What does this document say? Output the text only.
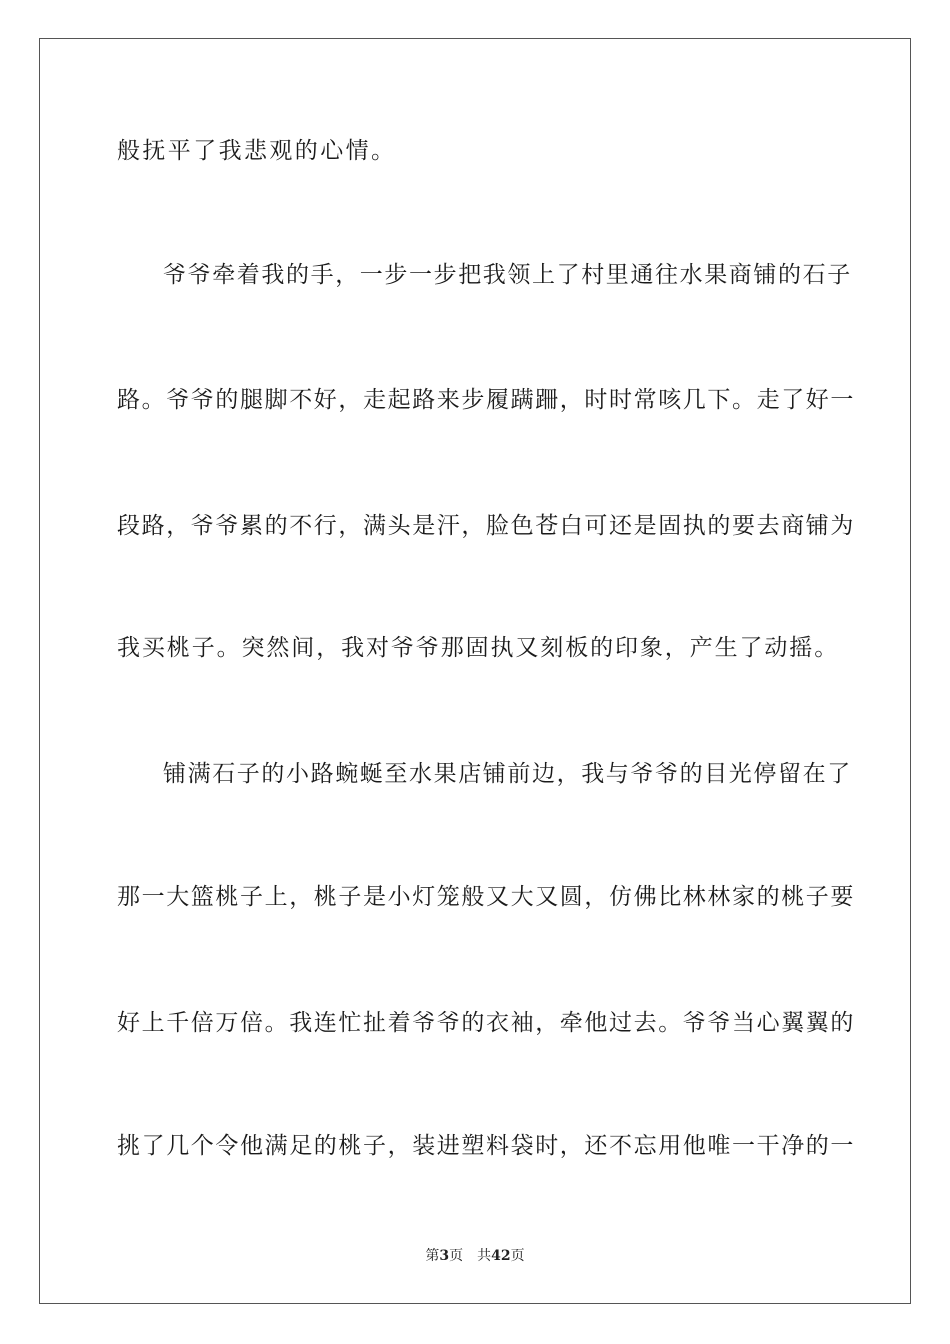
般抚平了我悲观的心情。
爷爷牵着我的手，一步一步把我领上了村里通往水果商铺的石子
路。爷爷的腿脚不好，走起路来步履蹒跚，时时常咳几下。走了好一
段路，爷爷累的不行，满头是汗，脸色苍白可还是固执的要去商铺为
我买桃子。突然间，我对爷爷那固执又刻板的印象，产生了动摇。
铺满石子的小路蜿蜒至水果店铺前边，我与爷爷的目光停留在了
那一大篮桃子上，桃子是小灯笼般又大又圆，仿佛比林林家的桃子要
好上千倍万倍。我连忙扯着爷爷的衣袖，牵他过去。爷爷当心翼翼的
挑了几个令他满足的桃子，装进塑料袋时，还不忘用他唯一干净的一
第3页 共42页
